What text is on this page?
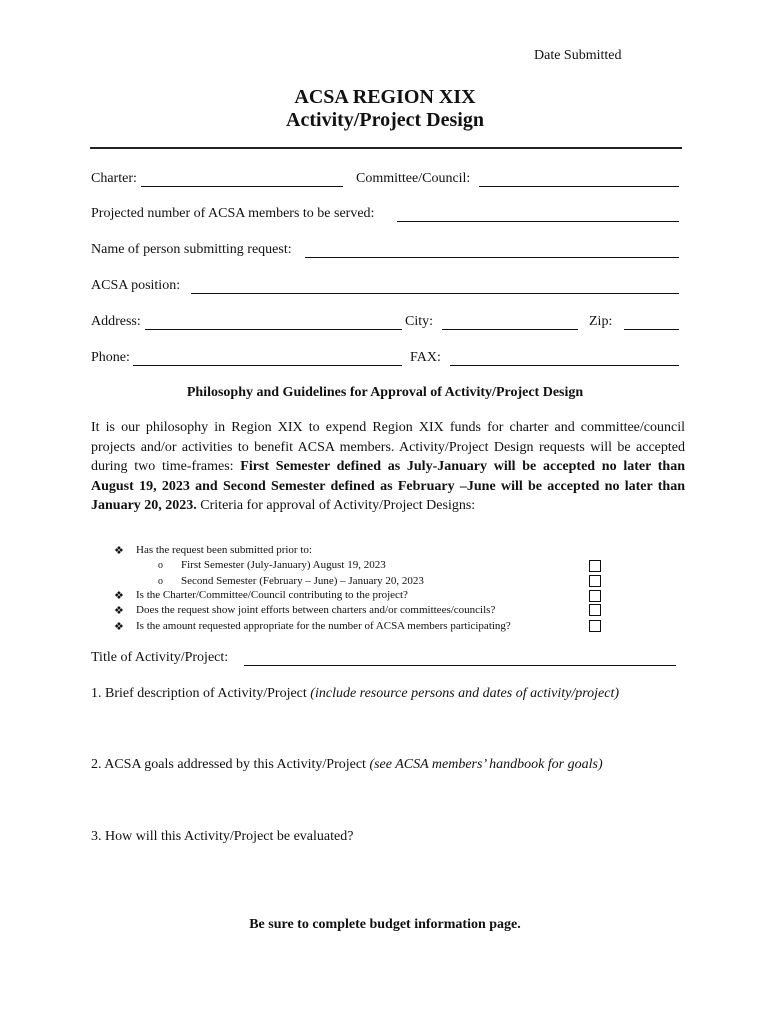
Date Submitted
ACSA REGION XIX
Activity/Project Design
Charter:	Committee/Council:
Projected number of ACSA members to be served:
Name of person submitting request:
ACSA position:
Address:	City:	Zip:
Phone:	FAX:
Philosophy and Guidelines for Approval of Activity/Project Design
It is our philosophy in Region XIX to expend Region XIX funds for charter and committee/council projects and/or activities to benefit ACSA members. Activity/Project Design requests will be accepted during two time-frames: First Semester defined as July-January will be accepted no later than August 19, 2023 and Second Semester defined as February –June will be accepted no later than January 20, 2023. Criteria for approval of Activity/Project Designs:
❖ Has the request been submitted prior to:
o First Semester (July-January) August 19, 2023
o Second Semester (February – June) – January 20, 2023
❖ Is the Charter/Committee/Council contributing to the project?
❖ Does the request show joint efforts between charters and/or committees/councils?
❖ Is the amount requested appropriate for the number of ACSA members participating?
Title of Activity/Project:
1. Brief description of Activity/Project (include resource persons and dates of activity/project)
2. ACSA goals addressed by this Activity/Project (see ACSA members’ handbook for goals)
3. How will this Activity/Project be evaluated?
Be sure to complete budget information page.
